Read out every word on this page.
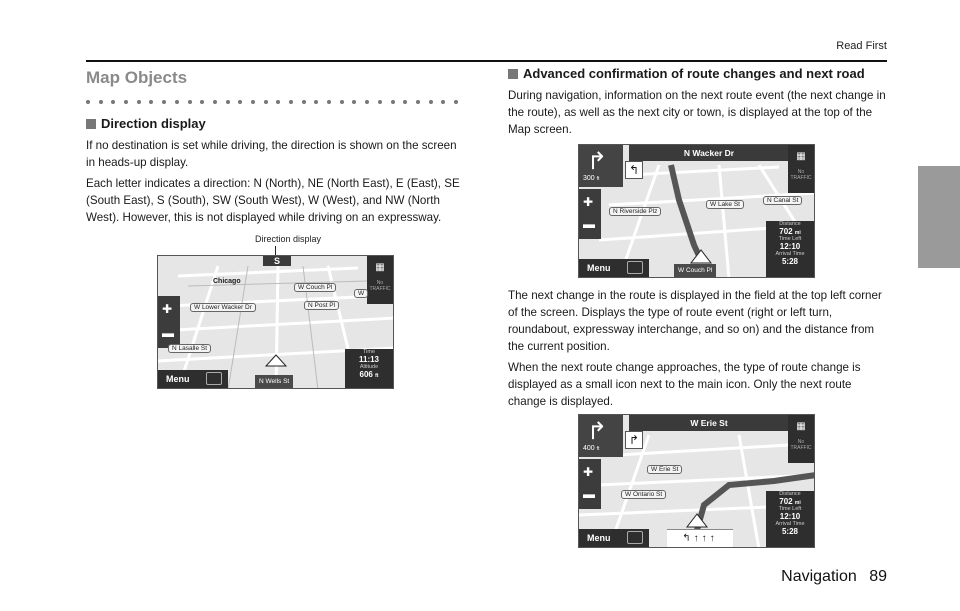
Read First
Map Objects
Direction display

If no destination is set while driving, the direction is shown on the screen in heads-up display.

Each letter indicates a direction: N (North), NE (North East), E (East), SE (South East), S (South), SW (South West), W (West), and NW (North West). However, this is not displayed while driving on an expressway.

Direction display
S
✚
▬
▦
No
TRAFFIC
Time
11:13
Altitude
606 ft
Menu	N Wells St
Chicago
W Couch Pl
W Lower Wacker Dr	N Post Pl
N Lasalle St
W
Advanced confirmation of route changes and next road

During navigation, information on the next route event (the next change in the route), as well as the next city or town, is displayed at the top of the Map screen.

N Wacker Dr
↱
300 ft
↰
✚
▬
▦
No
TRAFFIC
Distance
702 mi
Time Left
12:10
Arrival Time
5:28
Menu	W Couch Pl
N Riverside Plz
W Lake St
N Canal St

The next change in the route is displayed in the field at the top left corner of the screen. Displays the type of route event (right or left turn, roundabout, expressway interchange, and so on) and the distance from the current position.

When the next route change approaches, the type of route change is displayed as a small icon next to the main icon. Only the next route change is displayed.

W Erie St
↱
400 ft
↱
✚
▬
▦
No
TRAFFIC
Distance
702 mi
Time Left
12:10
Arrival Time
5:28
Menu	↰↑↑↑
W Erie St
W Ontario St
Navigation 89
